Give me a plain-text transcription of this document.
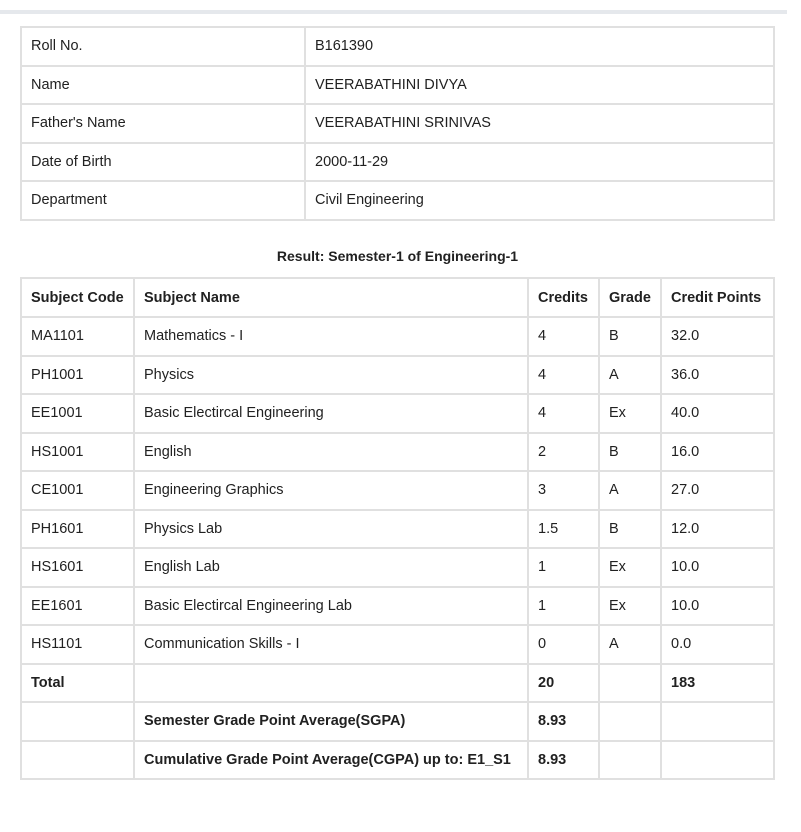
Roll No.	B161390
Name	VEERABATHINI DIVYA
Father's Name	VEERABATHINI SRINIVAS
Date of Birth	2000-11-29
Department	Civil Engineering
Result: Semester-1 of Engineering-1
Subject Code	Subject Name	Credits	Grade	Credit Points
MA1101	Mathematics - I	4	B	32.0
PH1001	Physics	4	A	36.0
EE1001	Basic Electircal Engineering	4	Ex	40.0
HS1001	English	2	B	16.0
CE1001	Engineering Graphics	3	A	27.0
PH1601	Physics Lab	1.5	B	12.0
HS1601	English Lab	1	Ex	10.0
EE1601	Basic Electircal Engineering Lab	1	Ex	10.0
HS1101	Communication Skills - I	0	A	0.0
Total		20		183
	Semester Grade Point Average(SGPA)	8.93		
	Cumulative Grade Point Average(CGPA) up to: E1_S1	8.93		
